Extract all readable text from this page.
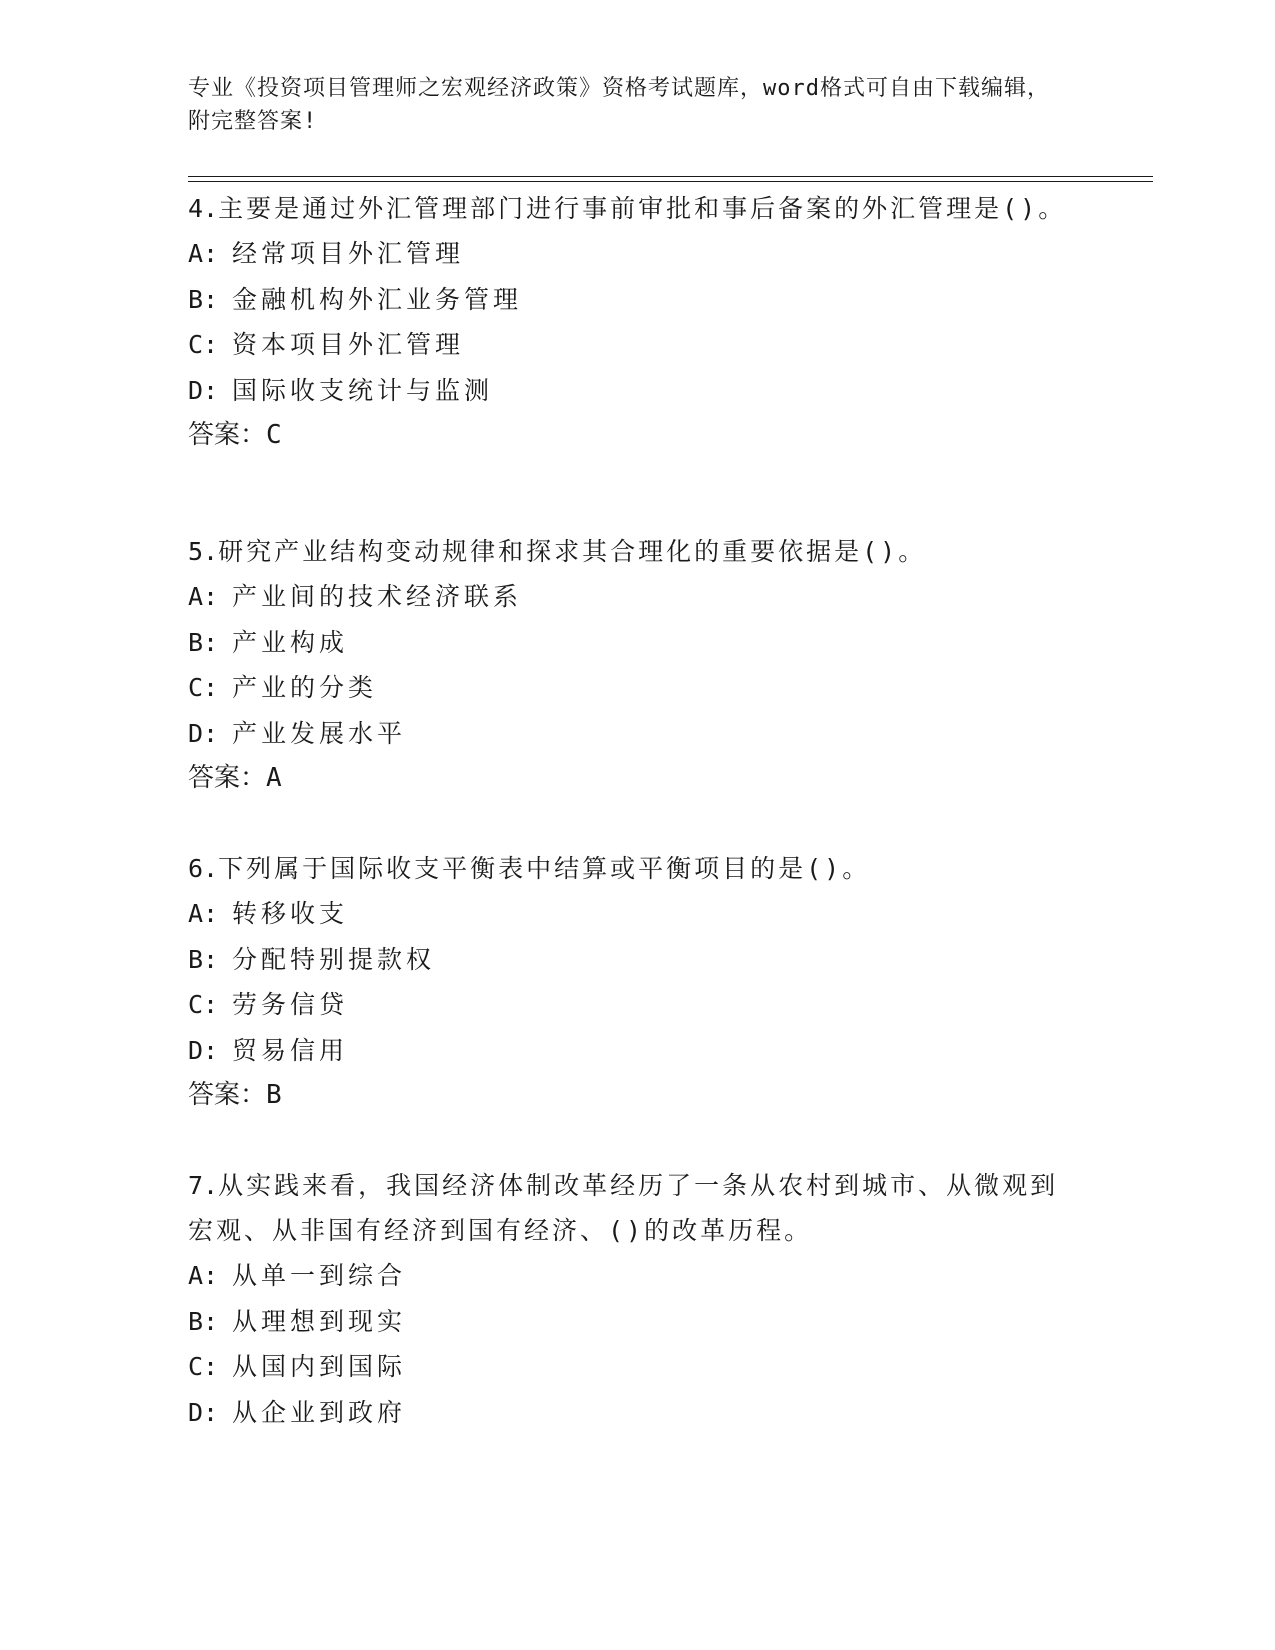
专业《投资项目管理师之宏观经济政策》资格考试题库，word格式可自由下载编辑，附完整答案!

4.主要是通过外汇管理部门进行事前审批和事后备案的外汇管理是()。

A: 经常项目外汇管理

B: 金融机构外汇业务管理

C: 资本项目外汇管理

D: 国际收支统计与监测

答案：C

5.研究产业结构变动规律和探求其合理化的重要依据是()。

A: 产业间的技术经济联系

B: 产业构成

C: 产业的分类

D: 产业发展水平

答案：A

6.下列属于国际收支平衡表中结算或平衡项目的是()。

A: 转移收支

B: 分配特别提款权

C: 劳务信贷

D: 贸易信用

答案：B

7.从实践来看，我国经济体制改革经历了一条从农村到城市、从微观到宏观、从非国有经济到国有经济、()的改革历程。

A: 从单一到综合

B: 从理想到现实

C: 从国内到国际

D: 从企业到政府
